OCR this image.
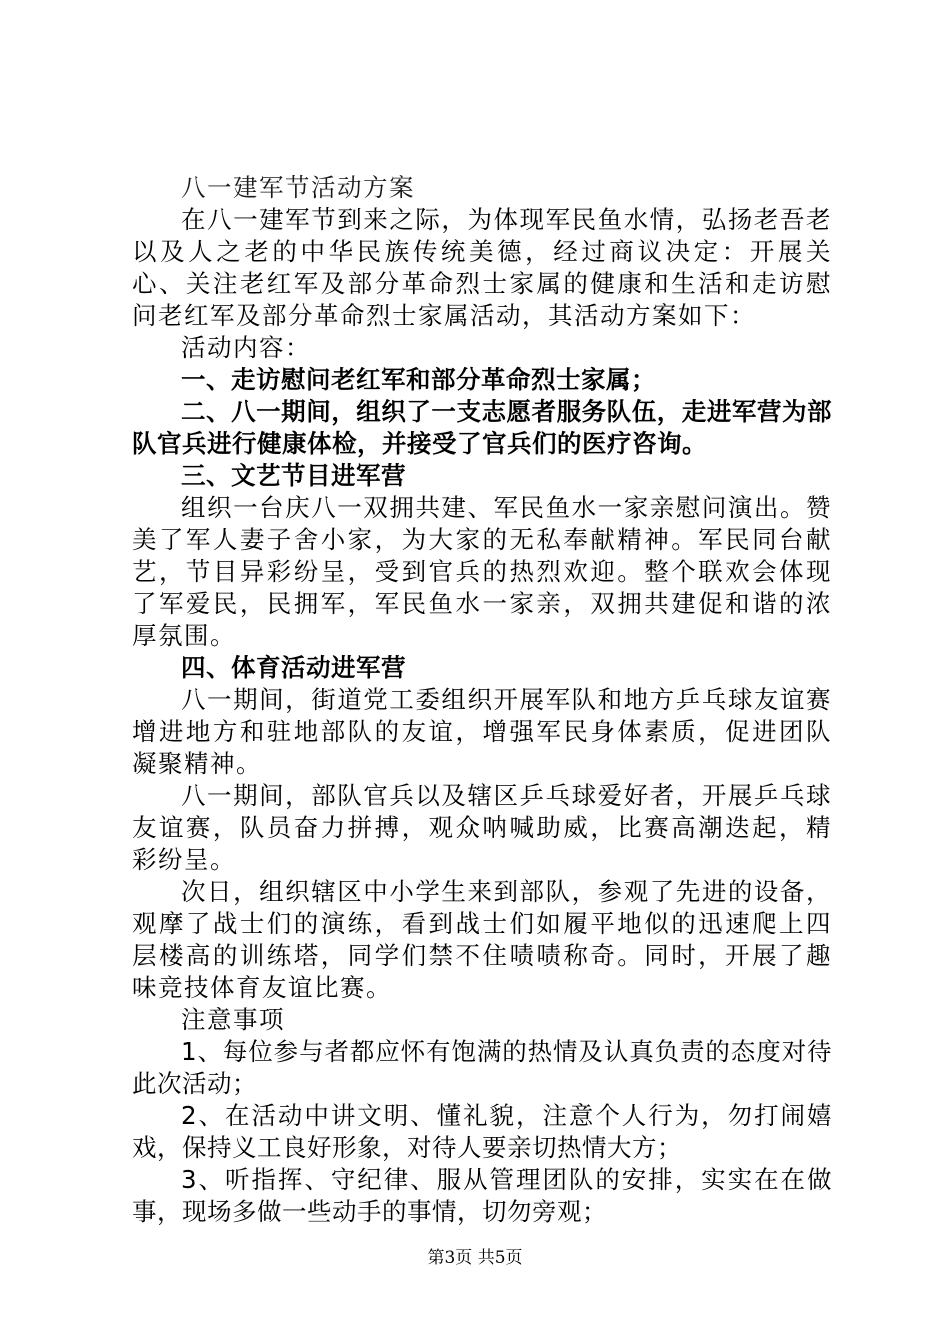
八一建军节活动方案

在八一建军节到来之际，为体现军民鱼水情，弘扬老吾老以及人之老的中华民族传统美德，经过商议决定：开展关心、关注老红军及部分革命烈士家属的健康和生活和走访慰问老红军及部分革命烈士家属活动，其活动方案如下：

活动内容：

一、走访慰问老红军和部分革命烈士家属；

二、八一期间，组织了一支志愿者服务队伍，走进军营为部队官兵进行健康体检，并接受了官兵们的医疗咨询。

三、文艺节目进军营

组织一台庆八一双拥共建、军民鱼水一家亲慰问演出。赞美了军人妻子舍小家，为大家的无私奉献精神。军民同台献艺，节目异彩纷呈，受到官兵的热烈欢迎。整个联欢会体现了军爱民，民拥军，军民鱼水一家亲，双拥共建促和谐的浓厚氛围。

四、体育活动进军营

八一期间，街道党工委组织开展军队和地方乒乓球友谊赛增进地方和驻地部队的友谊，增强军民身体素质，促进团队凝聚精神。

八一期间，部队官兵以及辖区乒乓球爱好者，开展乒乓球友谊赛，队员奋力拼搏，观众呐喊助威，比赛高潮迭起，精彩纷呈。

次日，组织辖区中小学生来到部队，参观了先进的设备，观摩了战士们的演练，看到战士们如履平地似的迅速爬上四层楼高的训练塔，同学们禁不住啧啧称奇。同时，开展了趣味竞技体育友谊比赛。

注意事项

1、每位参与者都应怀有饱满的热情及认真负责的态度对待此次活动；

2、在活动中讲文明、懂礼貌，注意个人行为，勿打闹嬉戏，保持义工良好形象，对待人要亲切热情大方；

3、听指挥、守纪律、服从管理团队的安排，实实在在做事，现场多做一些动手的事情，切勿旁观；

第3页 共5页
